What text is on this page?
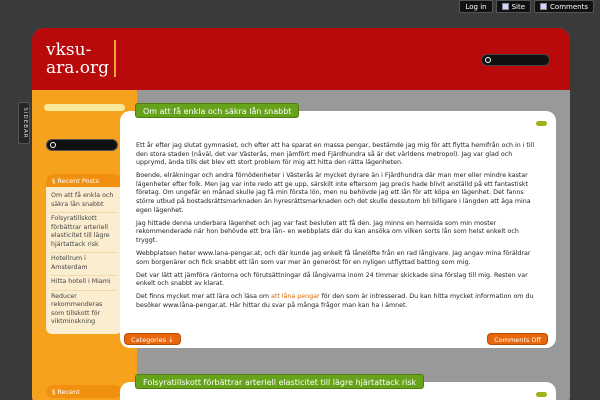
Log in	Site	Comments
SIDEBAR
vksu-ara.org
§ Recent Posts
Om att få enkla och säkra lån snabbt
Folsyratillskott förbättrar arteriell elasticitet till lägre hjärtattack risk
Hotellrum i Amsterdam
Hitta hotell i Miami
Reducer rekommenderas som tillskott för viktminskning
§ Recent
Om att få enkla och säkra lån snabbt

Ett år efter jag slutat gymnasiet, och efter att ha sparat en massa pengar, bestämde jag mig för att flytta hemifrån och in i till den stora staden (nåväl, det var Västerås, men jämfört med Fjärdhundra så är det världens metropol). Jag var glad och upprymd, ända tills det blev ett stort problem för mig att hitta den rätta lägenheten.

Boende, elräkningar och andra förnödenheter i Västerås är mycket dyrare än i Fjärdhundra där man mer eller mindre kastar lägenheter efter folk. Men jag var inte redo att ge upp, särskilt inte eftersom jag precis hade blivit anställd på ett fantastiskt företag. Om ungefär en månad skulle jag få min första lön, men nu behövde jag ett lån för att köpa en lägenhet. Det fanns större utbud på bostadsrättsmarknaden än hyresrättsmarknaden och det skulle dessutom bli billigare i längden att äga mina egen lägenhet.

Jag hittade denna underbara lägenhet och jag var fast besluten att få den. Jag minns en hemsida som min moster rekommenderade när hon behövde ett bra lån– en webbplats där du kan ansöka om vilken sorts lån som helst enkelt och tryggt.

Webbplatsen heter www.lana-pengar.at, och där kunde jag enkelt få lånelöfte från en rad långivare. Jag angav mina föräldrar som borgenärer och fick snabbt ett lån som var mer än generöst för en nyligen utflyttad batting som mig.

Det var lätt att jämföra räntorna och förutsättningar då långivarna inom 24 timmar skickade sina förslag till mig. Resten var enkelt och snabbt av klarat.

Det finns mycket mer att lära och läsa om att låna pengar för den som är intresserad. Du kan hitta mycket information om du besöker www.låna-pengar.at. Här hittar du svar på många frågor man kan ha i ämnet.

Categories ↓	Comments Off
Folsyratillskott förbättrar arteriell elasticitet till lägre hjärtattack risk
